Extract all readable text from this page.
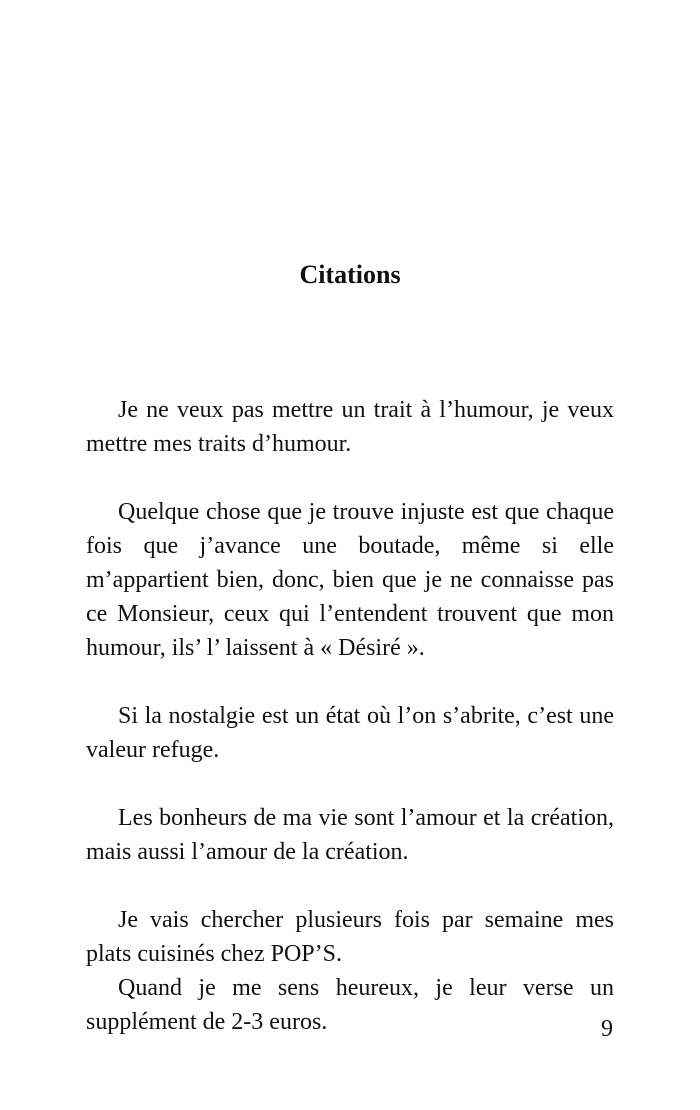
Citations

Je ne veux pas mettre un trait à l’humour, je veux mettre mes traits d’humour.

Quelque chose que je trouve injuste est que chaque fois que j’avance une boutade, même si elle m’appartient bien, donc, bien que je ne connaisse pas ce Monsieur, ceux qui l’entendent trouvent que mon humour, ils’ l’ laissent à « Désiré ».

Si la nostalgie est un état où l’on s’abrite, c’est une valeur refuge.

Les bonheurs de ma vie sont l’amour et la création, mais aussi l’amour de la création.

Je vais chercher plusieurs fois par semaine mes plats cuisinés chez POP’S.

Quand je me sens heureux, je leur verse un supplément de 2-3 euros.	9
